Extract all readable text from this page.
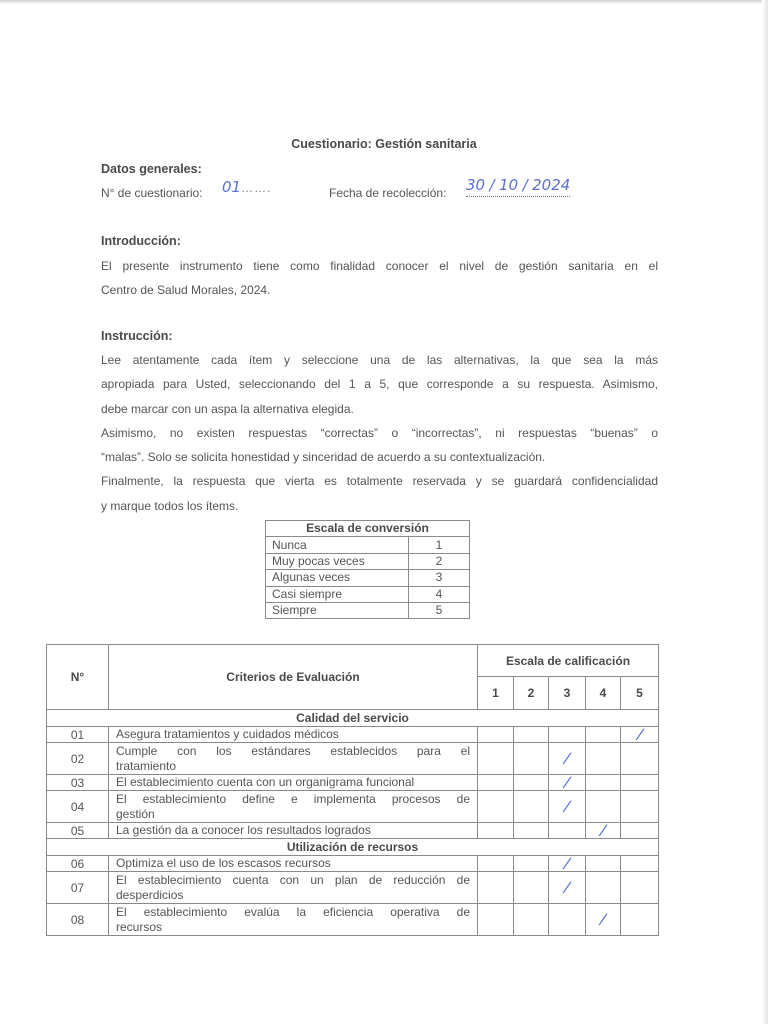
Cuestionario: Gestión sanitaria
Datos generales:
N° de cuestionario: 01…….	Fecha de recolección: 30 / 10 / 2024
Introducción:
El presente instrumento tiene como finalidad conocer el nivel de gestión sanitaria en el
Centro de Salud Morales, 2024.
Instrucción:
Lee atentamente cada ítem y seleccione una de las alternativas, la que sea la más
apropiada para Usted, seleccionando del 1 a 5, que corresponde a su respuesta. Asimismo,
debe marcar con un aspa la alternativa elegida.
Asimismo, no existen respuestas “correctas” o “incorrectas”, ni respuestas “buenas” o
“malas”. Solo se solicita honestidad y sinceridad de acuerdo a su contextualización.
Finalmente, la respuesta que vierta es totalmente reservada y se guardará confidencialidad
y marque todos los ítems.
Escala de conversión	
Nunca	1
Muy pocas veces	2
Algunas veces	3
Casi siempre	4
Siempre	5
N°	Criterios de Evaluación	Escala de calificación				
		1	2	3	4	5
Calidad del servicio						
01	Asegura tratamientos y cuidados médicos					/

02	Cumple con los estándares establecidos para el
tratamiento			/		

03	El establecimiento cuenta con un organigrama funcional			/		

04	El establecimiento define e implementa procesos de
gestión			/		

05	La gestión da a conocer los resultados logrados				/	

Utilización de recursos						
06	Optimiza el uso de los escasos recursos			/		

07	El establecimiento cuenta con un plan de reducción de
desperdicios			/		

08	El establecimiento evalúa la eficiencia operativa de
recursos				/	
